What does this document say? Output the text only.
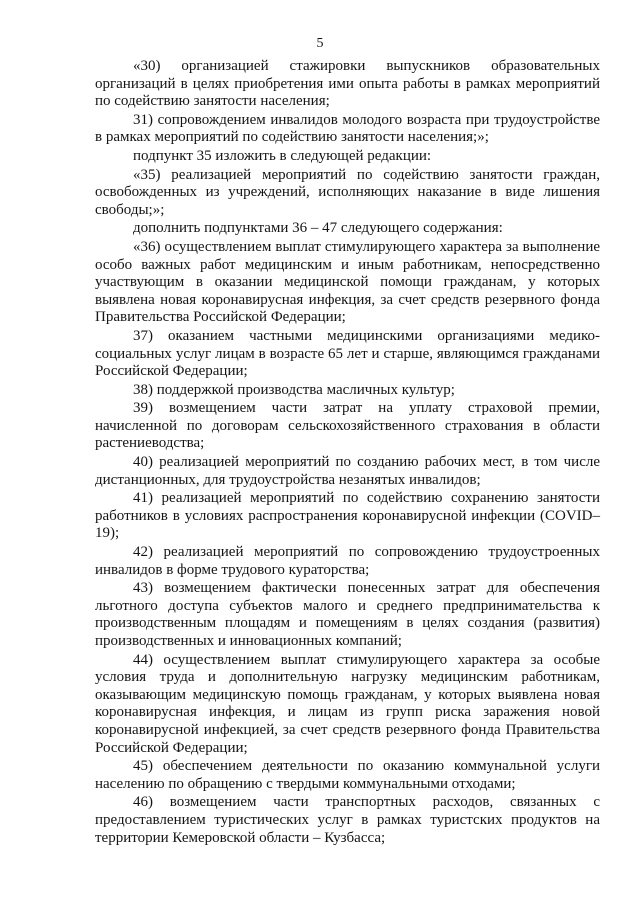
5

«30) организацией стажировки выпускников образовательных организаций в целях приобретения ими опыта работы в рамках мероприятий по содействию занятости населения;

31) сопровождением инвалидов молодого возраста при трудоустройстве в рамках мероприятий по содействию занятости населения;»;

подпункт 35 изложить в следующей редакции:

«35) реализацией мероприятий по содействию занятости граждан, освобожденных из учреждений, исполняющих наказание в виде лишения свободы;»;

дополнить подпунктами 36 – 47 следующего содержания:

«36) осуществлением выплат стимулирующего характера за выполнение особо важных работ медицинским и иным работникам, непосредственно участвующим в оказании медицинской помощи гражданам, у которых выявлена новая коронавирусная инфекция, за счет средств резервного фонда Правительства Российской Федерации;

37) оказанием частными медицинскими организациями медико-социальных услуг лицам в возрасте 65 лет и старше, являющимся гражданами Российской Федерации;

38) поддержкой производства масличных культур;

39) возмещением части затрат на уплату страховой премии, начисленной по договорам сельскохозяйственного страхования в области растениеводства;

40) реализацией мероприятий по созданию рабочих мест, в том числе дистанционных, для трудоустройства незанятых инвалидов;

41) реализацией мероприятий по содействию сохранению занятости работников в условиях распространения коронавирусной инфекции (COVID–19);

42) реализацией мероприятий по сопровождению трудоустроенных инвалидов в форме трудового кураторства;

43) возмещением фактически понесенных затрат для обеспечения льготного доступа субъектов малого и среднего предпринимательства к производственным площадям и помещениям в целях создания (развития) производственных и инновационных компаний;

44) осуществлением выплат стимулирующего характера за особые условия труда и дополнительную нагрузку медицинским работникам, оказывающим медицинскую помощь гражданам, у которых выявлена новая коронавирусная инфекция, и лицам из групп риска заражения новой коронавирусной инфекцией, за счет средств резервного фонда Правительства Российской Федерации;

45) обеспечением деятельности по оказанию коммунальной услуги населению по обращению с твердыми коммунальными отходами;

46) возмещением части транспортных расходов, связанных с предоставлением туристических услуг в рамках туристских продуктов на территории Кемеровской области – Кузбасса;
